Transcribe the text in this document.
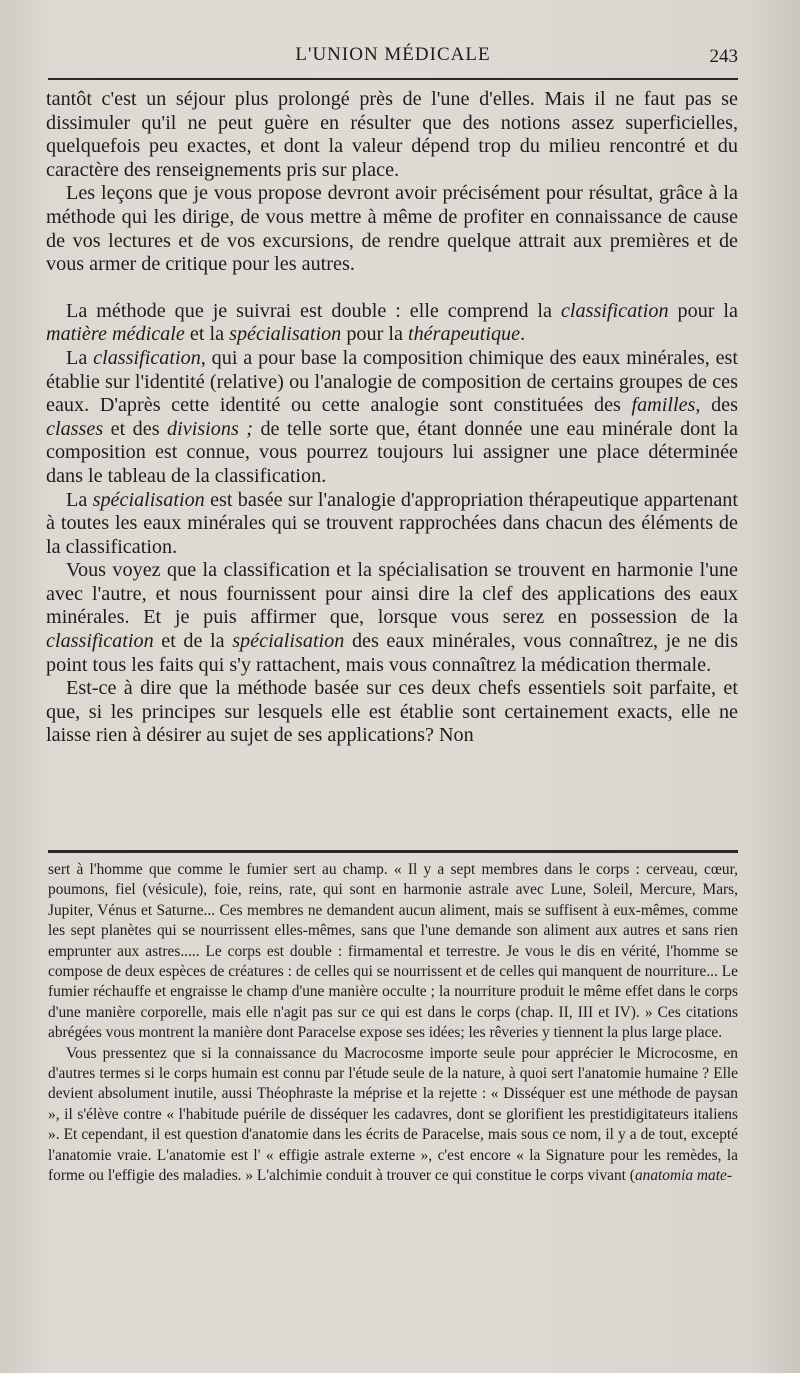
L'UNION MÉDICALE	243

tantôt c'est un séjour plus prolongé près de l'une d'elles. Mais il ne faut pas se dissimuler qu'il ne peut guère en résulter que des notions assez superficielles, quelquefois peu exactes, et dont la valeur dépend trop du milieu rencontré et du caractère des renseignements pris sur place.

Les leçons que je vous propose devront avoir précisément pour résultat, grâce à la méthode qui les dirige, de vous mettre à même de profiter en connaissance de cause de vos lectures et de vos excursions, de rendre quelque attrait aux premières et de vous armer de critique pour les autres.

La méthode que je suivrai est double : elle comprend la classification pour la matière médicale et la spécialisation pour la thérapeutique.

La classification, qui a pour base la composition chimique des eaux minérales, est établie sur l'identité (relative) ou l'analogie de composition de certains groupes de ces eaux. D'après cette identité ou cette analogie sont constituées des familles, des classes et des divisions ; de telle sorte que, étant donnée une eau minérale dont la composition est connue, vous pourrez toujours lui assigner une place déterminée dans le tableau de la classification.

La spécialisation est basée sur l'analogie d'appropriation thérapeutique appartenant à toutes les eaux minérales qui se trouvent rapprochées dans chacun des éléments de la classification.

Vous voyez que la classification et la spécialisation se trouvent en harmonie l'une avec l'autre, et nous fournissent pour ainsi dire la clef des applications des eaux minérales. Et je puis affirmer que, lorsque vous serez en possession de la classification et de la spécialisation des eaux minérales, vous connaîtrez, je ne dis point tous les faits qui s'y rattachent, mais vous connaîtrez la médication thermale.

Est-ce à dire que la méthode basée sur ces deux chefs essentiels soit parfaite, et que, si les principes sur lesquels elle est établie sont certainement exacts, elle ne laisse rien à désirer au sujet de ses applications? Non

sert à l'homme que comme le fumier sert au champ. « Il y a sept membres dans le corps : cerveau, cœur, poumons, fiel (vésicule), foie, reins, rate, qui sont en harmonie astrale avec Lune, Soleil, Mercure, Mars, Jupiter, Vénus et Saturne... Ces membres ne demandent aucun aliment, mais se suffisent à eux-mêmes, comme les sept planètes qui se nourrissent elles-mêmes, sans que l'une demande son aliment aux autres et sans rien emprunter aux astres..... Le corps est double : firmamental et terrestre. Je vous le dis en vérité, l'homme se compose de deux espèces de créatures : de celles qui se nourrissent et de celles qui manquent de nourriture... Le fumier réchauffe et engraisse le champ d'une manière occulte ; la nourriture produit le même effet dans le corps d'une manière corporelle, mais elle n'agit pas sur ce qui est dans le corps (chap. II, III et IV). » Ces citations abrégées vous montrent la manière dont Paracelse expose ses idées; les rêveries y tiennent la plus large place.

Vous pressentez que si la connaissance du Macrocosme importe seule pour apprécier le Microcosme, en d'autres termes si le corps humain est connu par l'étude seule de la nature, à quoi sert l'anatomie humaine ? Elle devient absolument inutile, aussi Théophraste la méprise et la rejette : « Disséquer est une méthode de paysan », il s'élève contre « l'habitude puérile de disséquer les cadavres, dont se glorifient les prestidigitateurs italiens ». Et cependant, il est question d'anatomie dans les écrits de Paracelse, mais sous ce nom, il y a de tout, excepté l'anatomie vraie. L'anatomie est l' « effigie astrale externe », c'est encore « la Signature pour les remèdes, la forme ou l'effigie des maladies. » L'alchimie conduit à trouver ce qui constitue le corps vivant (anatomia mate-
